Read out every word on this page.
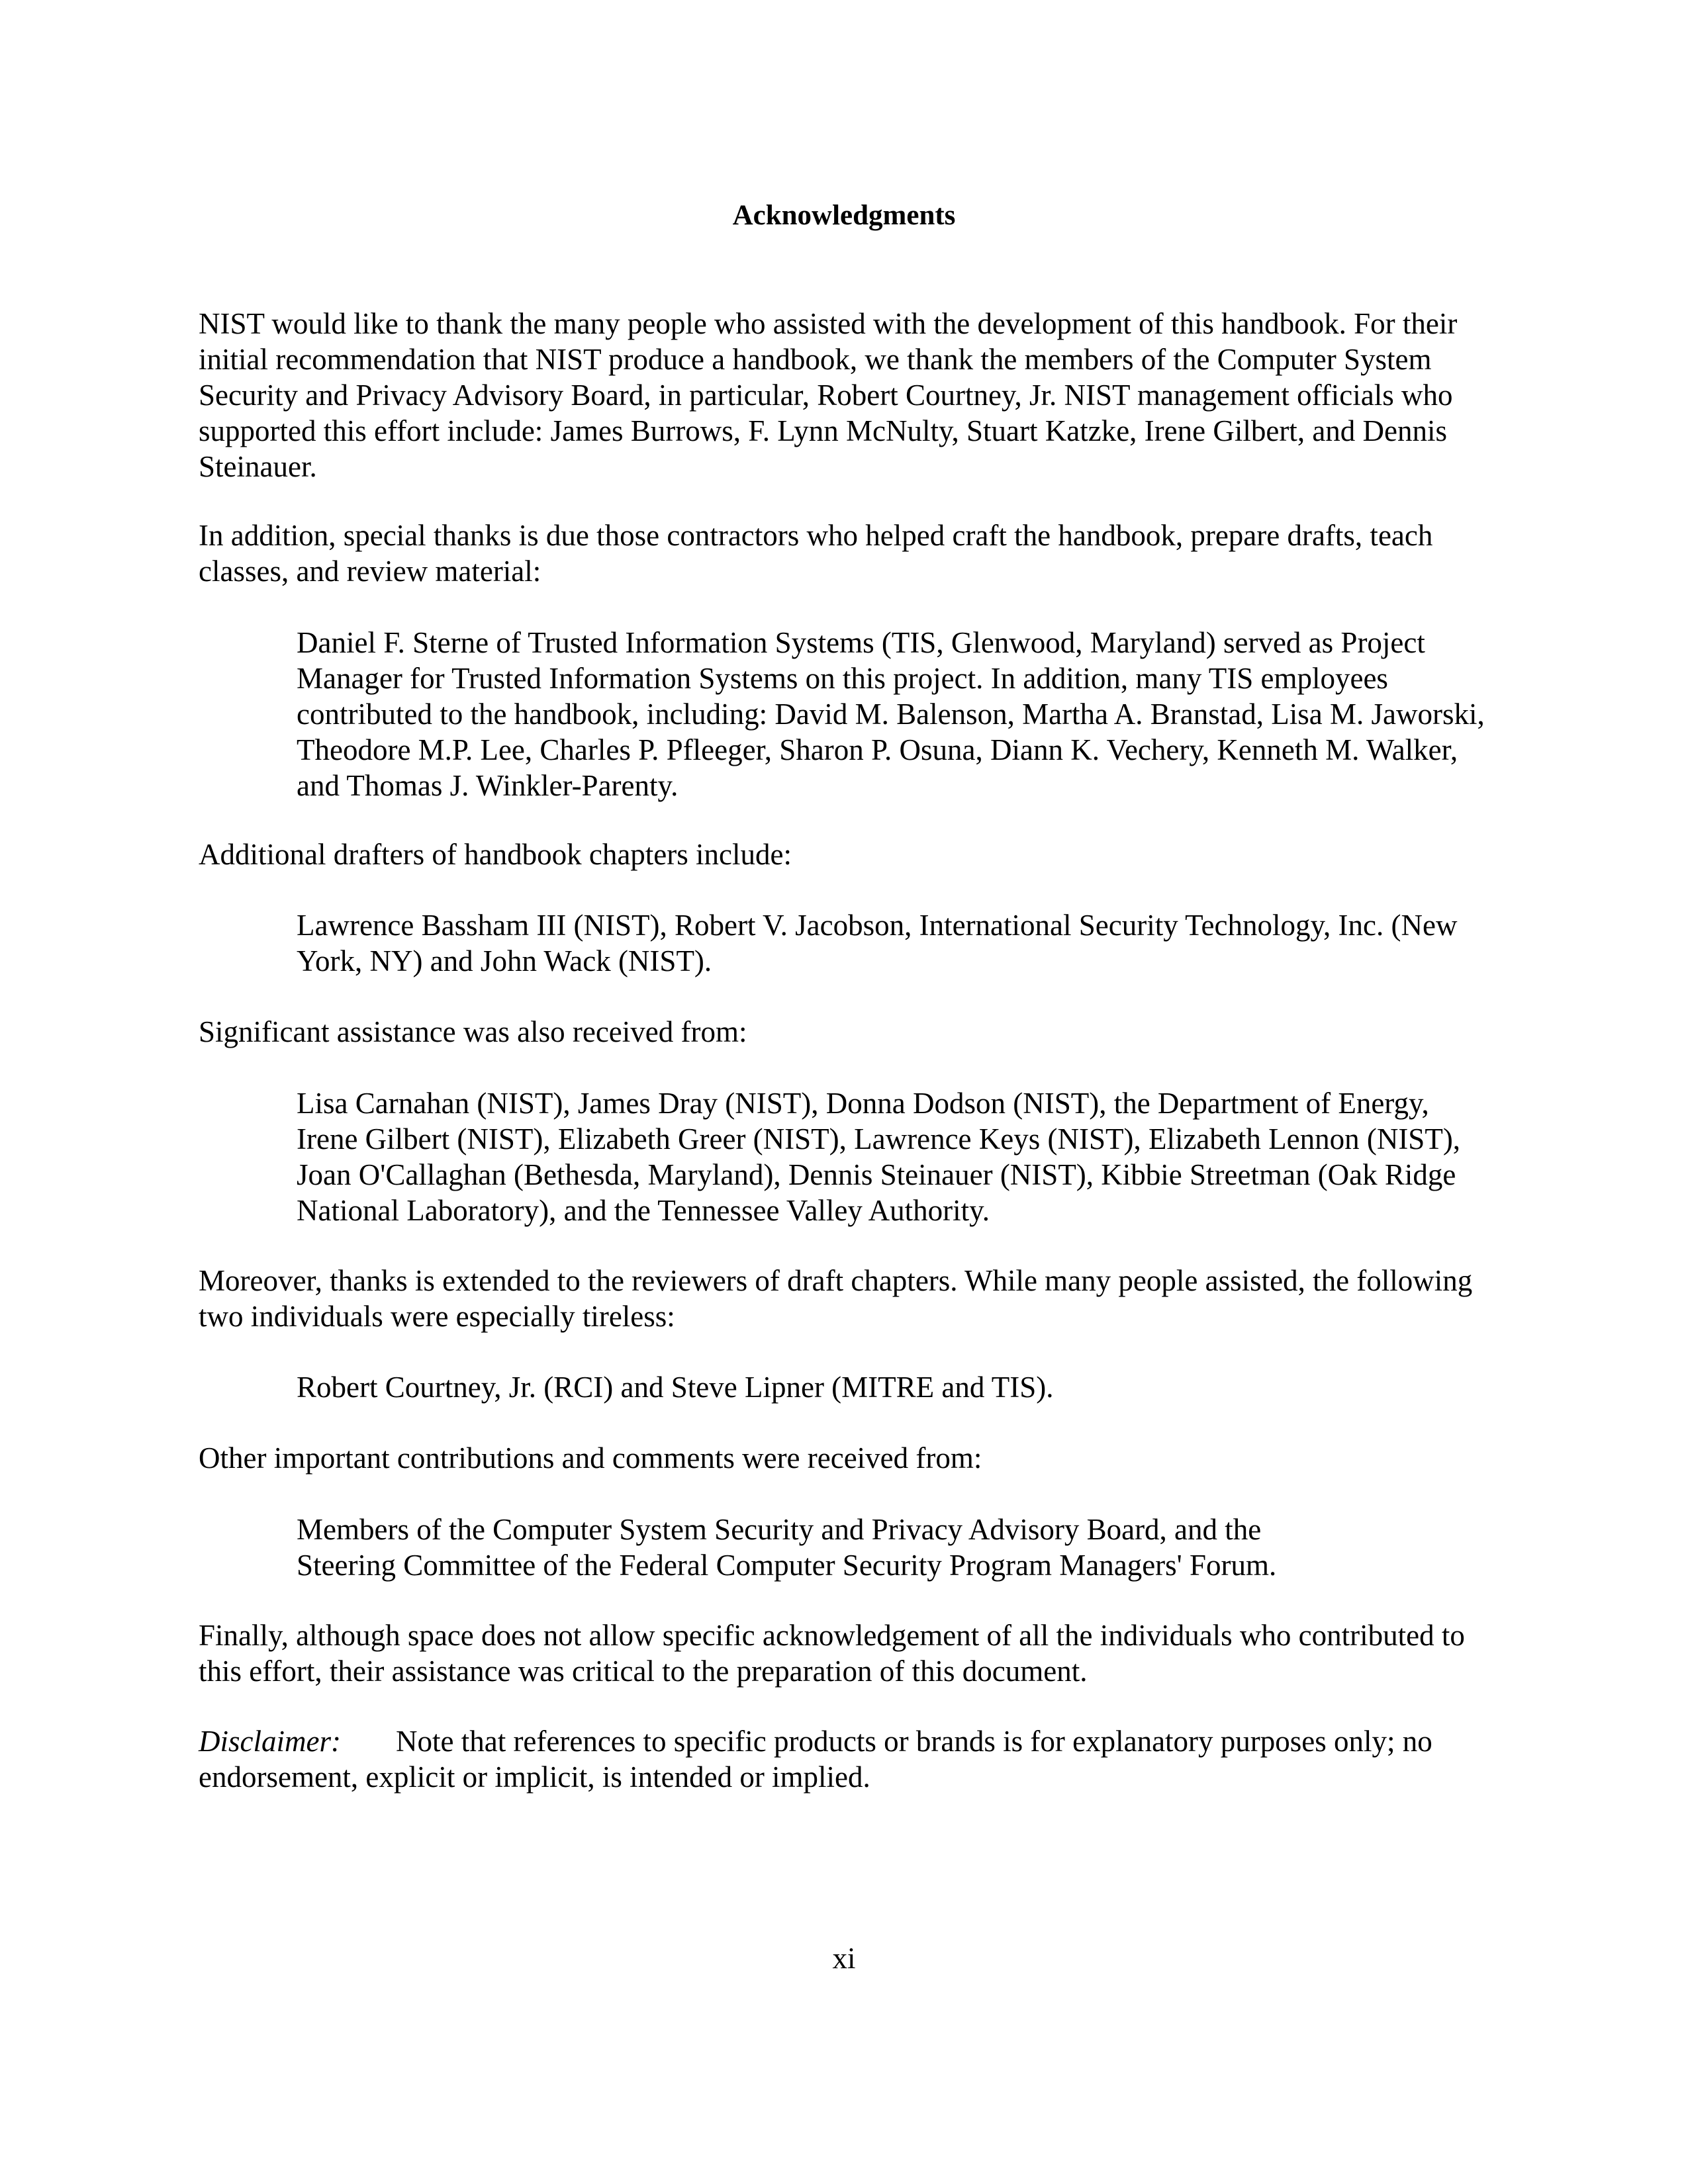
Acknowledgments

NIST would like to thank the many people who assisted with the development of this handbook. For their initial recommendation that NIST produce a handbook, we thank the members of the Computer System Security and Privacy Advisory Board, in particular, Robert Courtney, Jr. NIST management officials who supported this effort include: James Burrows, F. Lynn McNulty, Stuart Katzke, Irene Gilbert, and Dennis Steinauer.

In addition, special thanks is due those contractors who helped craft the handbook, prepare drafts, teach classes, and review material:

Daniel F. Sterne of Trusted Information Systems (TIS, Glenwood, Maryland) served as Project Manager for Trusted Information Systems on this project. In addition, many TIS employees contributed to the handbook, including: David M. Balenson, Martha A. Branstad, Lisa M. Jaworski, Theodore M.P. Lee, Charles P. Pfleeger, Sharon P. Osuna, Diann K. Vechery, Kenneth M. Walker, and Thomas J. Winkler-Parenty.

Additional drafters of handbook chapters include:

Lawrence Bassham III (NIST), Robert V. Jacobson, International Security Technology, Inc. (New York, NY) and John Wack (NIST).

Significant assistance was also received from:

Lisa Carnahan (NIST), James Dray (NIST), Donna Dodson (NIST), the Department of Energy, Irene Gilbert (NIST), Elizabeth Greer (NIST), Lawrence Keys (NIST), Elizabeth Lennon (NIST), Joan O'Callaghan (Bethesda, Maryland), Dennis Steinauer (NIST), Kibbie Streetman (Oak Ridge National Laboratory), and the Tennessee Valley Authority.

Moreover, thanks is extended to the reviewers of draft chapters. While many people assisted, the following two individuals were especially tireless:

Robert Courtney, Jr. (RCI) and Steve Lipner (MITRE and TIS).

Other important contributions and comments were received from:

Members of the Computer System Security and Privacy Advisory Board, and the Steering Committee of the Federal Computer Security Program Managers' Forum.

Finally, although space does not allow specific acknowledgement of all the individuals who contributed to this effort, their assistance was critical to the preparation of this document.

Disclaimer: Note that references to specific products or brands is for explanatory purposes only; no endorsement, explicit or implicit, is intended or implied.

xi
